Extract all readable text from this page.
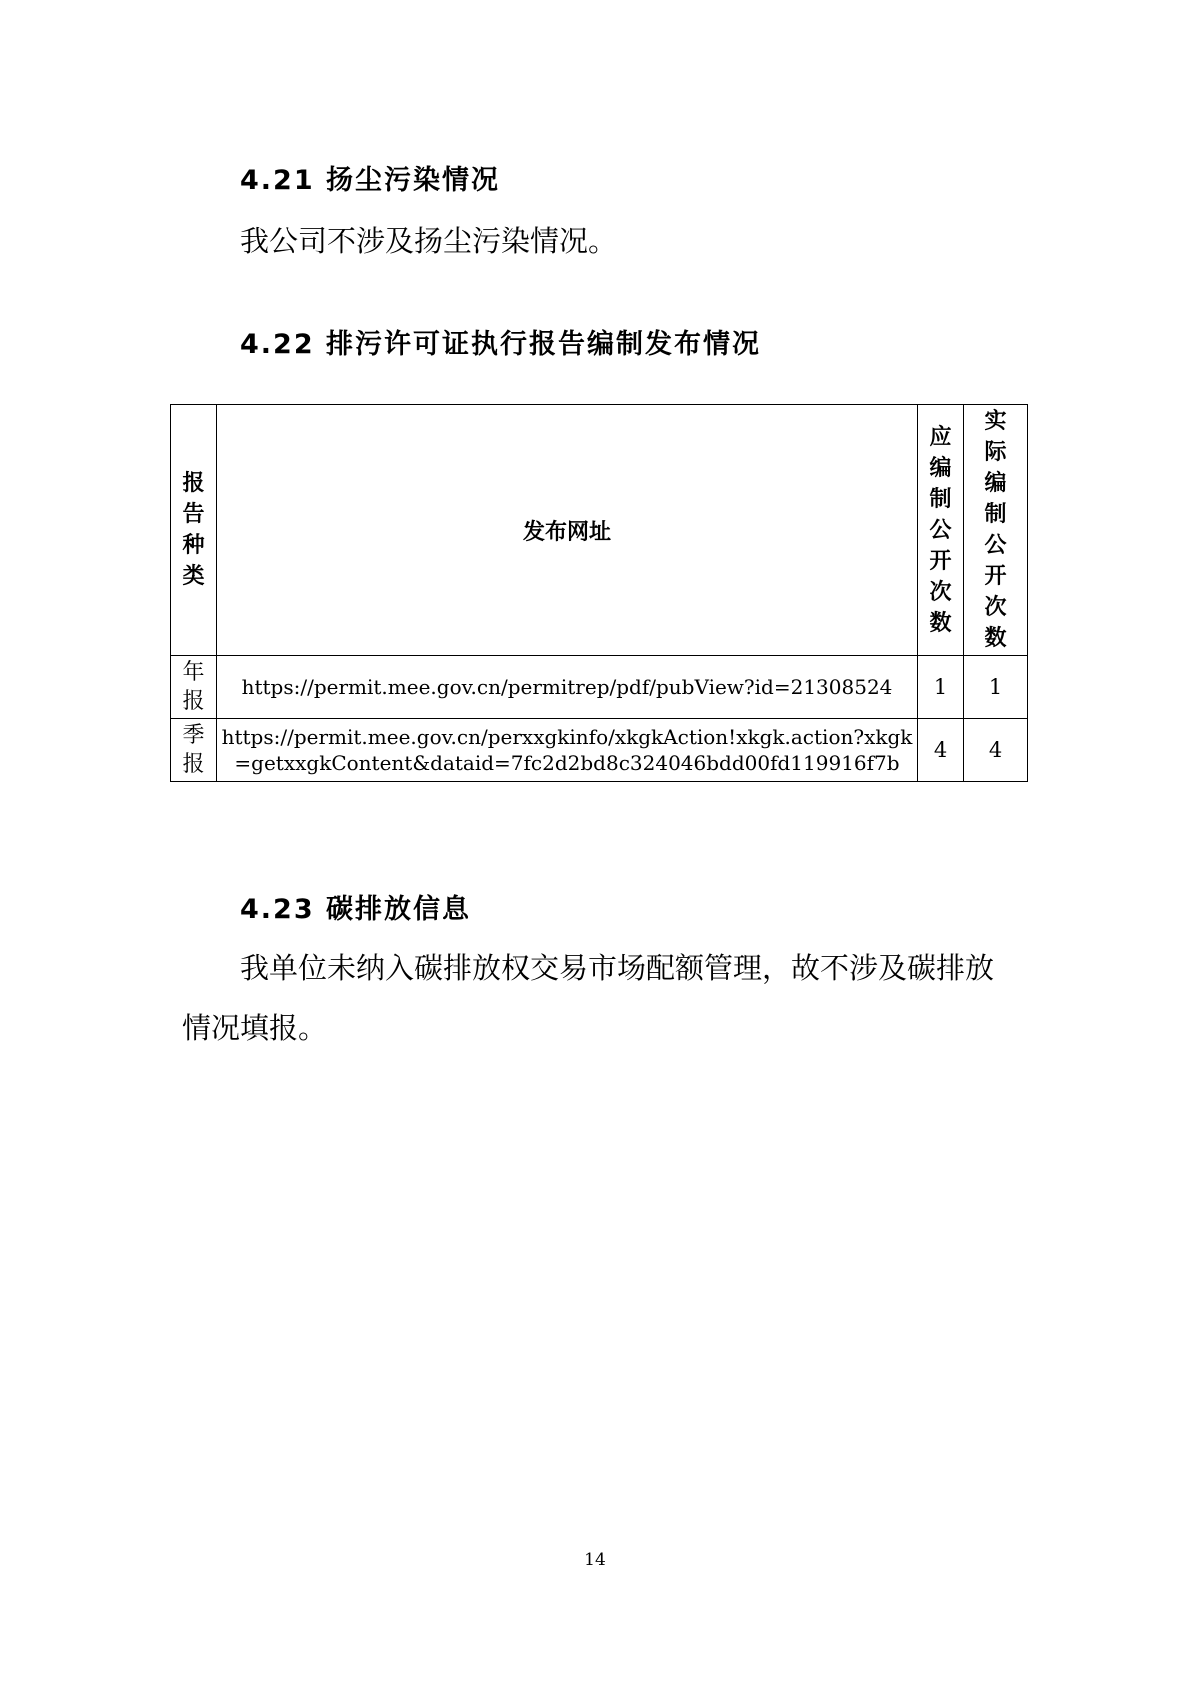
4.21 扬尘污染情况
我公司不涉及扬尘污染情况。
4.22 排污许可证执行报告编制发布情况
报告种类	发布网址	应编制公开次数	实际编制公开次数

年报	https://permit.mee.gov.cn/permitrep/pdf/pubView?id=21308524	1	1

季报	https://permit.mee.gov.cn/perxxgkinfo/xkgkAction!xkgk.action?xkgk=getxxgkContent&dataid=7fc2d2bd8c324046bdd00fd119916f7b	4	4
4.23 碳排放信息
我单位未纳入碳排放权交易市场配额管理，故不涉及碳排放
情况填报。
14
